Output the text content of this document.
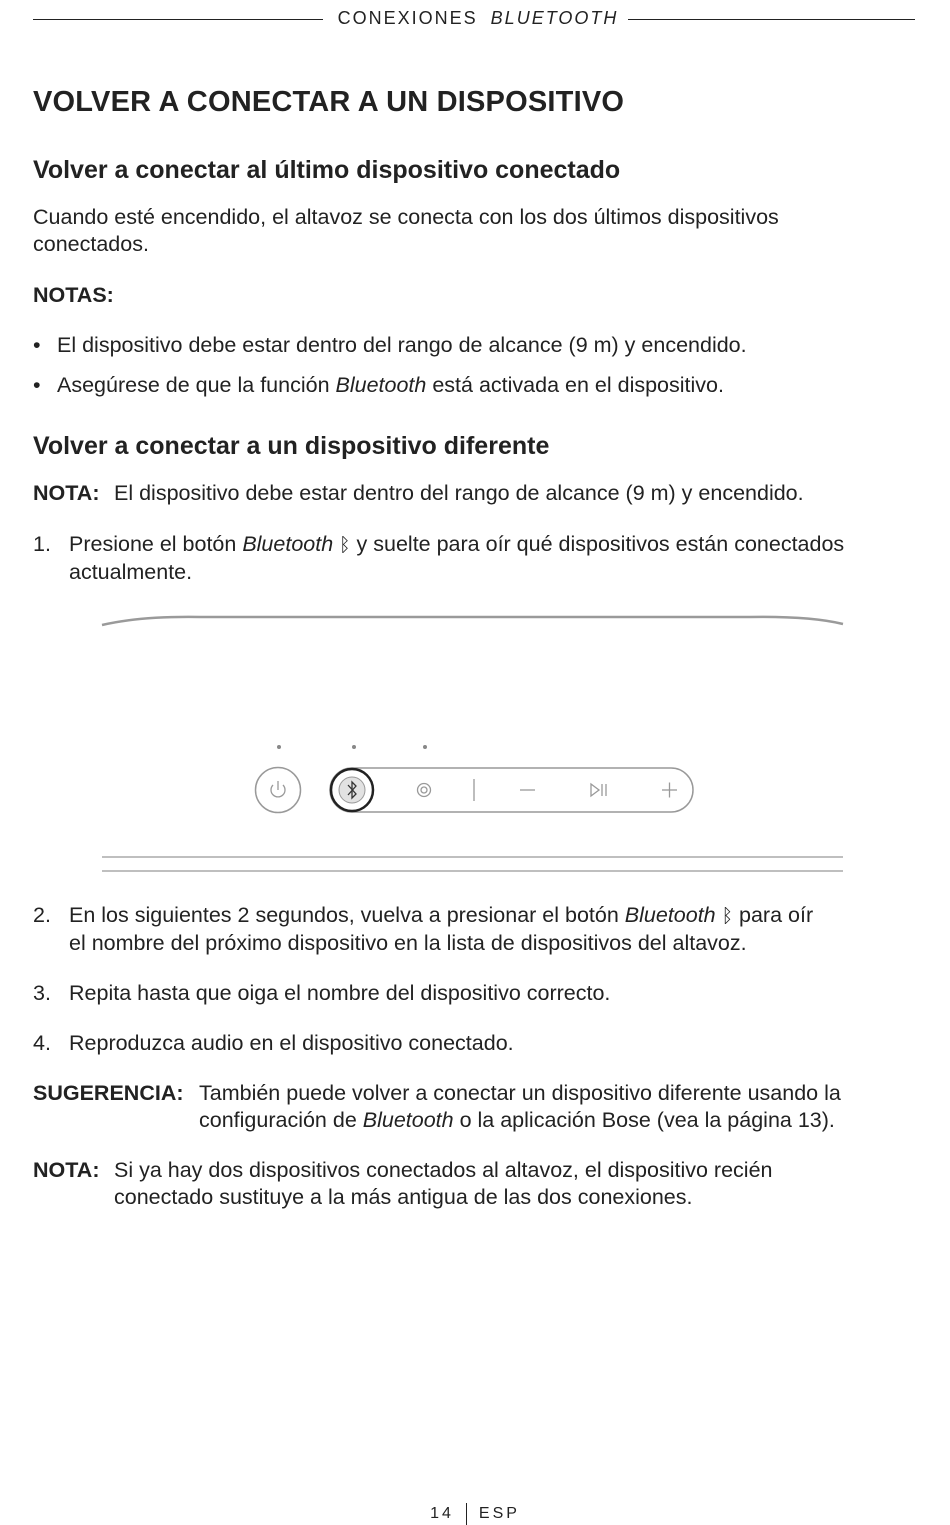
CONEXIONES BLUETOOTH
VOLVER A CONECTAR A UN DISPOSITIVO
Volver a conectar al último dispositivo conectado
Cuando esté encendido, el altavoz se conecta con los dos últimos dispositivos
conectados.
NOTAS:
• El dispositivo debe estar dentro del rango de alcance (9 m) y encendido.
• Asegúrese de que la función Bluetooth está activada en el dispositivo.
Volver a conectar a un dispositivo diferente
NOTA: El dispositivo debe estar dentro del rango de alcance (9 m) y encendido.
1. Presione el botón Bluetooth ᛒ y suelte para oír qué dispositivos están conectados
actualmente.
2. En los siguientes 2 segundos, vuelva a presionar el botón Bluetooth ᛒ para oír
el nombre del próximo dispositivo en la lista de dispositivos del altavoz.
3. Repita hasta que oiga el nombre del dispositivo correcto.
4. Reproduzca audio en el dispositivo conectado.
SUGERENCIA: También puede volver a conectar un dispositivo diferente usando la
configuración de Bluetooth o la aplicación Bose (vea la página 13).
NOTA: Si ya hay dos dispositivos conectados al altavoz, el dispositivo recién
conectado sustituye a la más antigua de las dos conexiones.
14 ESP
